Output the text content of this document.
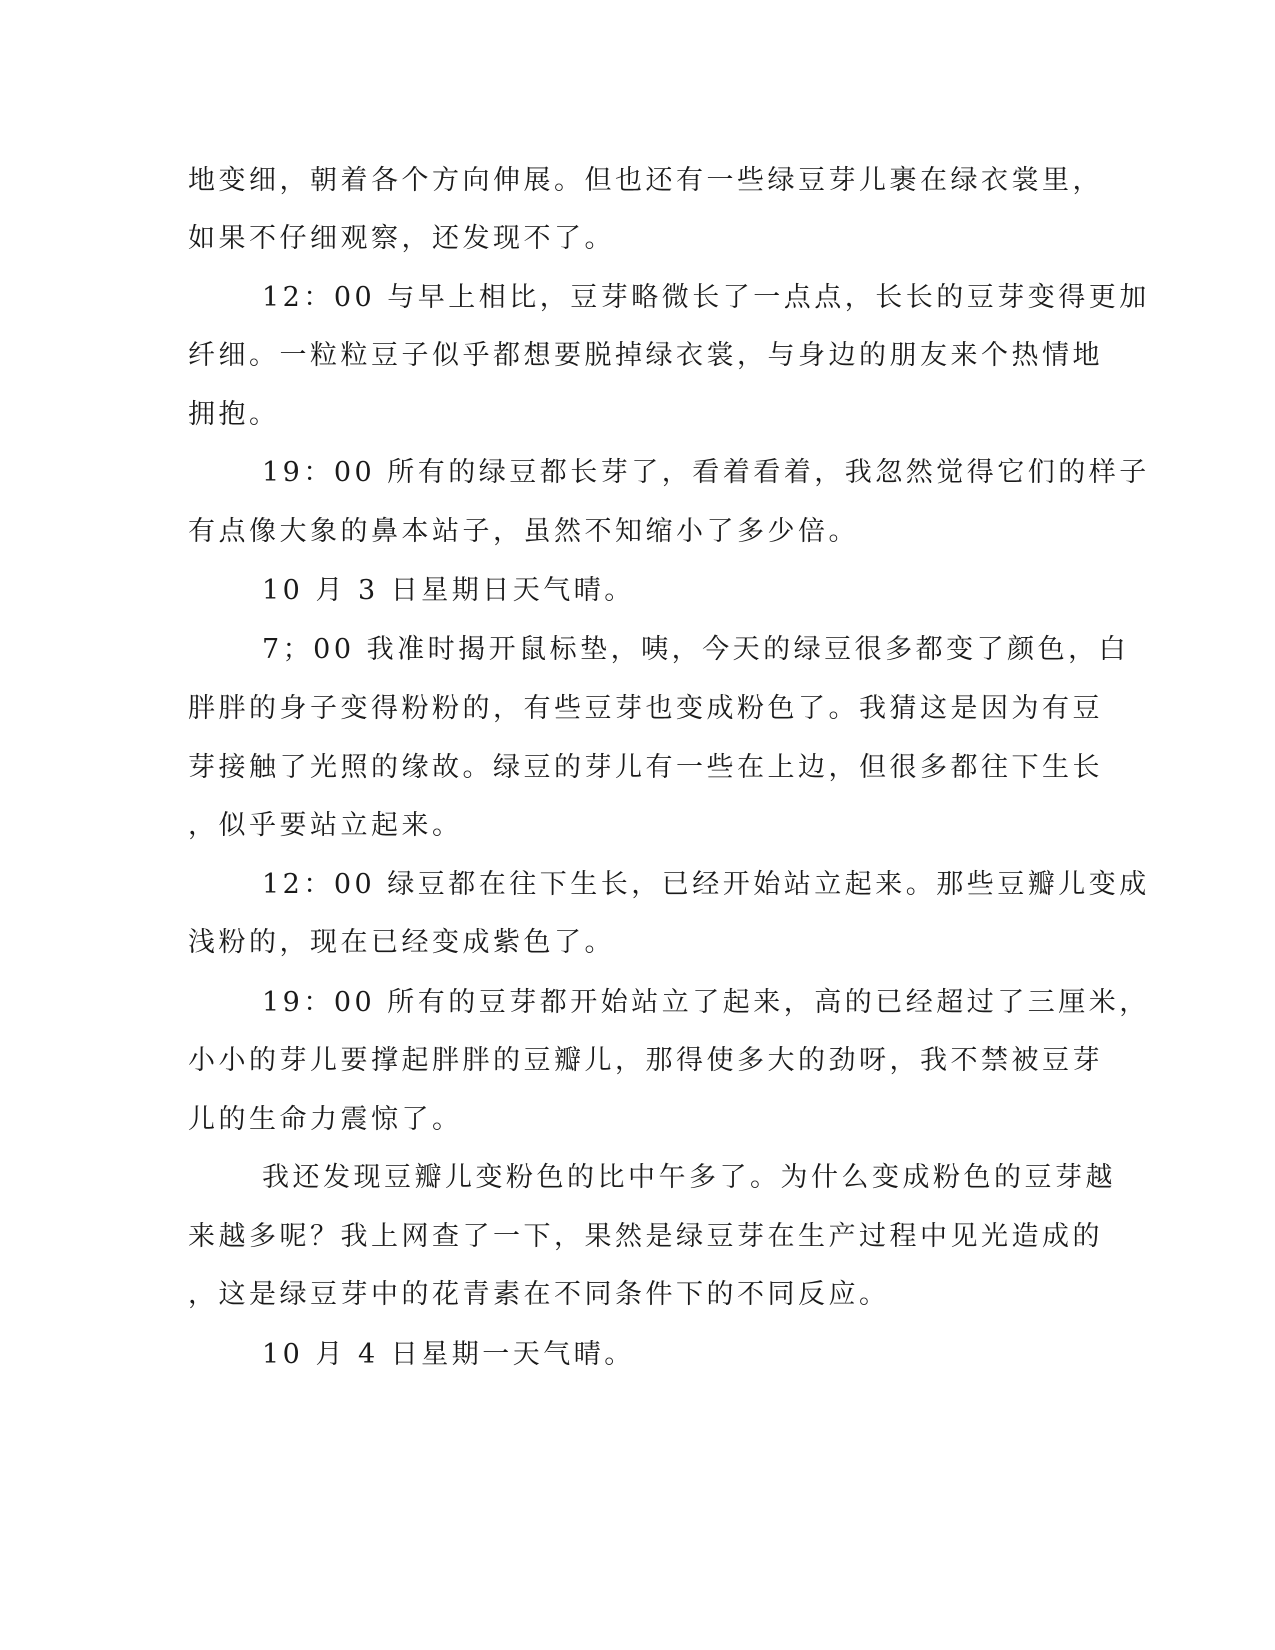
地变细，朝着各个方向伸展。但也还有一些绿豆芽儿裹在绿衣裳里，

如果不仔细观察，还发现不了。

12：00 与早上相比，豆芽略微长了一点点，长长的豆芽变得更加

纤细。一粒粒豆子似乎都想要脱掉绿衣裳，与身边的朋友来个热情地

拥抱。

19：00 所有的绿豆都长芽了，看着看着，我忽然觉得它们的样子

有点像大象的鼻本站子，虽然不知缩小了多少倍。

10 月 3 日星期日天气晴。

7；00 我准时揭开鼠标垫，咦，今天的绿豆很多都变了颜色，白

胖胖的身子变得粉粉的，有些豆芽也变成粉色了。我猜这是因为有豆

芽接触了光照的缘故。绿豆的芽儿有一些在上边，但很多都往下生长

，似乎要站立起来。

12：00 绿豆都在往下生长，已经开始站立起来。那些豆瓣儿变成

浅粉的，现在已经变成紫色了。

19：00 所有的豆芽都开始站立了起来，高的已经超过了三厘米，

小小的芽儿要撑起胖胖的豆瓣儿，那得使多大的劲呀，我不禁被豆芽

儿的生命力震惊了。

我还发现豆瓣儿变粉色的比中午多了。为什么变成粉色的豆芽越

来越多呢？我上网查了一下，果然是绿豆芽在生产过程中见光造成的

，这是绿豆芽中的花青素在不同条件下的不同反应。

10 月 4 日星期一天气晴。
